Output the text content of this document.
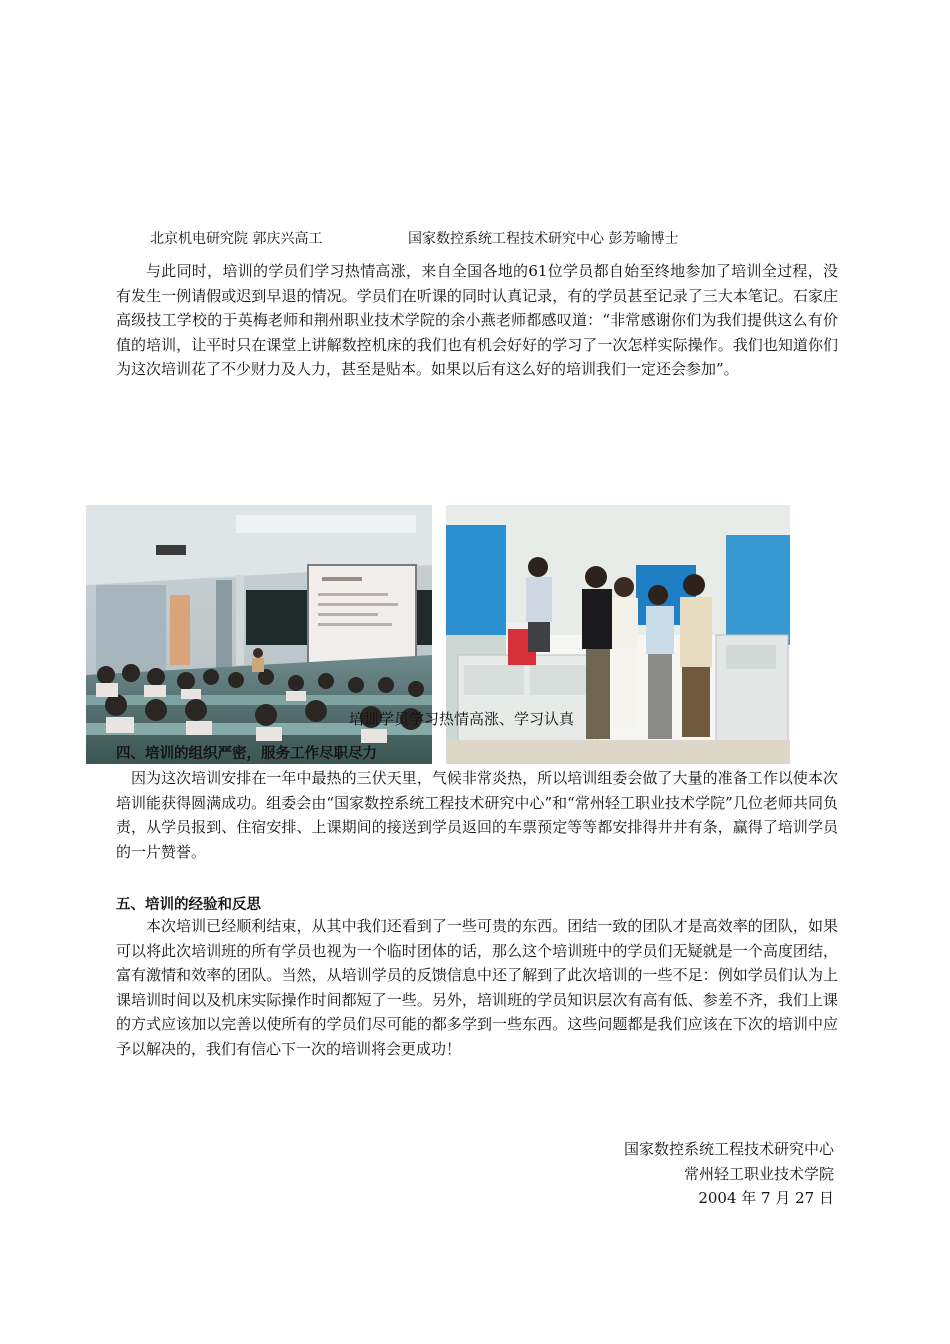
北京机电研究院 郭庆兴高工	国家数控系统工程技术研究中心 彭芳喻博士

与此同时，培训的学员们学习热情高涨，来自全国各地的61位学员都自始至终地参加了培训全过程，没有发生一例请假或迟到早退的情况。学员们在听课的同时认真记录，有的学员甚至记录了三大本笔记。石家庄高级技工学校的于英梅老师和荆州职业技术学院的余小燕老师都感叹道：“非常感谢你们为我们提供这么有价值的培训，让平时只在课堂上讲解数控机床的我们也有机会好好的学习了一次怎样实际操作。我们也知道你们为这次培训花了不少财力及人力，甚至是贴本。如果以后有这么好的培训我们一定还会参加”。

培训学员学习热情高涨、学习认真
四、培训的组织严密，服务工作尽职尽力

因为这次培训安排在一年中最热的三伏天里，气候非常炎热，所以培训组委会做了大量的准备工作以使本次培训能获得圆满成功。组委会由“国家数控系统工程技术研究中心”和“常州轻工职业技术学院”几位老师共同负责，从学员报到、住宿安排、上课期间的接送到学员返回的车票预定等等都安排得井井有条，赢得了培训学员的一片赞誉。

五、培训的经验和反思

本次培训已经顺利结束，从其中我们还看到了一些可贵的东西。团结一致的团队才是高效率的团队，如果可以将此次培训班的所有学员也视为一个临时团体的话，那么这个培训班中的学员们无疑就是一个高度团结，富有激情和效率的团队。当然，从培训学员的反馈信息中还了解到了此次培训的一些不足：例如学员们认为上课培训时间以及机床实际操作时间都短了一些。另外，培训班的学员知识层次有高有低、参差不齐，我们上课的方式应该加以完善以使所有的学员们尽可能的都多学到一些东西。这些问题都是我们应该在下次的培训中应予以解决的，我们有信心下一次的培训将会更成功！

国家数控系统工程技术研究中心
常州轻工职业技术学院
2004 年 7 月 27 日
